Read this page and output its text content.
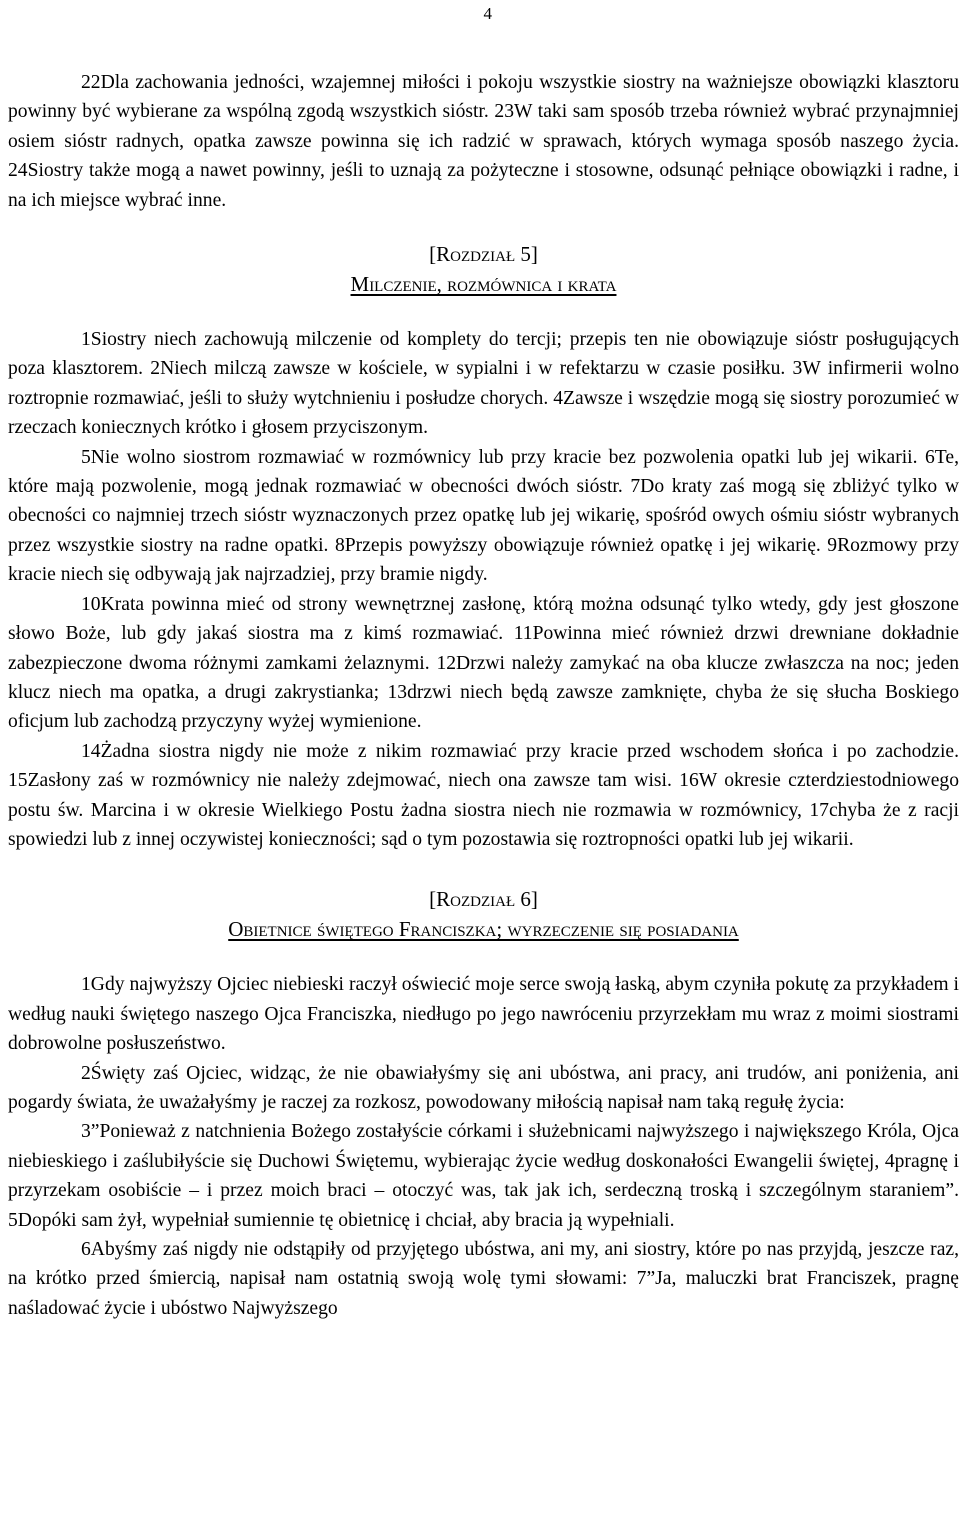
4

22Dla zachowania jedności, wzajemnej miłości i pokoju wszystkie siostry na ważniejsze obowiązki klasztoru powinny być wybierane za wspólną zgodą wszystkich sióstr. 23W taki sam sposób trzeba również wybrać przynajmniej osiem sióstr radnych, opatka zawsze powinna się ich radzić w sprawach, których wymaga sposób naszego życia. 24Siostry także mogą a nawet powinny, jeśli to uznają za pożyteczne i stosowne, odsunąć pełniące obowiązki i radne, i na ich miejsce wybrać inne.

[Rozdział 5]
Milczenie, rozmównica i krata

1Siostry niech zachowują milczenie od komplety do tercji; przepis ten nie obowiązuje sióstr posługujących poza klasztorem. 2Niech milczą zawsze w kościele, w sypialni i w refektarzu w czasie posiłku. 3W infirmerii wolno roztropnie rozmawiać, jeśli to służy wytchnieniu i posłudze chorych. 4Zawsze i wszędzie mogą się siostry porozumieć w rzeczach koniecznych krótko i głosem przyciszonym.

5Nie wolno siostrom rozmawiać w rozmównicy lub przy kracie bez pozwolenia opatki lub jej wikarii. 6Te, które mają pozwolenie, mogą jednak rozmawiać w obecności dwóch sióstr. 7Do kraty zaś mogą się zbliżyć tylko w obecności co najmniej trzech sióstr wyznaczonych przez opatkę lub jej wikarię, spośród owych ośmiu sióstr wybranych przez wszystkie siostry na radne opatki. 8Przepis powyższy obowiązuje również opatkę i jej wikarię. 9Rozmowy przy kracie niech się odbywają jak najrzadziej, przy bramie nigdy.

10Krata powinna mieć od strony wewnętrznej zasłonę, którą można odsunąć tylko wtedy, gdy jest głoszone słowo Boże, lub gdy jakaś siostra ma z kimś rozmawiać. 11Powinna mieć również drzwi drewniane dokładnie zabezpieczone dwoma różnymi zamkami żelaznymi. 12Drzwi należy zamykać na oba klucze zwłaszcza na noc; jeden klucz niech ma opatka, a drugi zakrystianka; 13drzwi niech będą zawsze zamknięte, chyba że się słucha Boskiego oficjum lub zachodzą przyczyny wyżej wymienione.

14Żadna siostra nigdy nie może z nikim rozmawiać przy kracie przed wschodem słońca i po zachodzie. 15Zasłony zaś w rozmównicy nie należy zdejmować, niech ona zawsze tam wisi. 16W okresie czterdziestodniowego postu św. Marcina i w okresie Wielkiego Postu żadna siostra niech nie rozmawia w rozmównicy, 17chyba że z racji spowiedzi lub z innej oczywistej konieczności; sąd o tym pozostawia się roztropności opatki lub jej wikarii.

[Rozdział 6]
Obietnice świętego Franciszka; wyrzeczenie się posiadania

1Gdy najwyższy Ojciec niebieski raczył oświecić moje serce swoją łaską, abym czyniła pokutę za przykładem i według nauki świętego naszego Ojca Franciszka, niedługo po jego nawróceniu przyrzekłam mu wraz z moimi siostrami dobrowolne posłuszeństwo.

2Święty zaś Ojciec, widząc, że nie obawiałyśmy się ani ubóstwa, ani pracy, ani trudów, ani poniżenia, ani pogardy świata, że uważałyśmy je raczej za rozkosz, powodowany miłością napisał nam taką regułę życia:

3”Ponieważ z natchnienia Bożego zostałyście córkami i służebnicami najwyższego i największego Króla, Ojca niebieskiego i zaślubiłyście się Duchowi Świętemu, wybierając życie według doskonałości Ewangelii świętej, 4pragnę i przyrzekam osobiście – i przez moich braci – otoczyć was, tak jak ich, serdeczną troską i szczególnym staraniem”. 5Dopóki sam żył, wypełniał sumiennie tę obietnicę i chciał, aby bracia ją wypełniali.

6Abyśmy zaś nigdy nie odstąpiły od przyjętego ubóstwa, ani my, ani siostry, które po nas przyjdą, jeszcze raz, na krótko przed śmiercią, napisał nam ostatnią swoją wolę tymi słowami: 7”Ja, maluczki brat Franciszek, pragnę naśladować życie i ubóstwo Najwyższego
